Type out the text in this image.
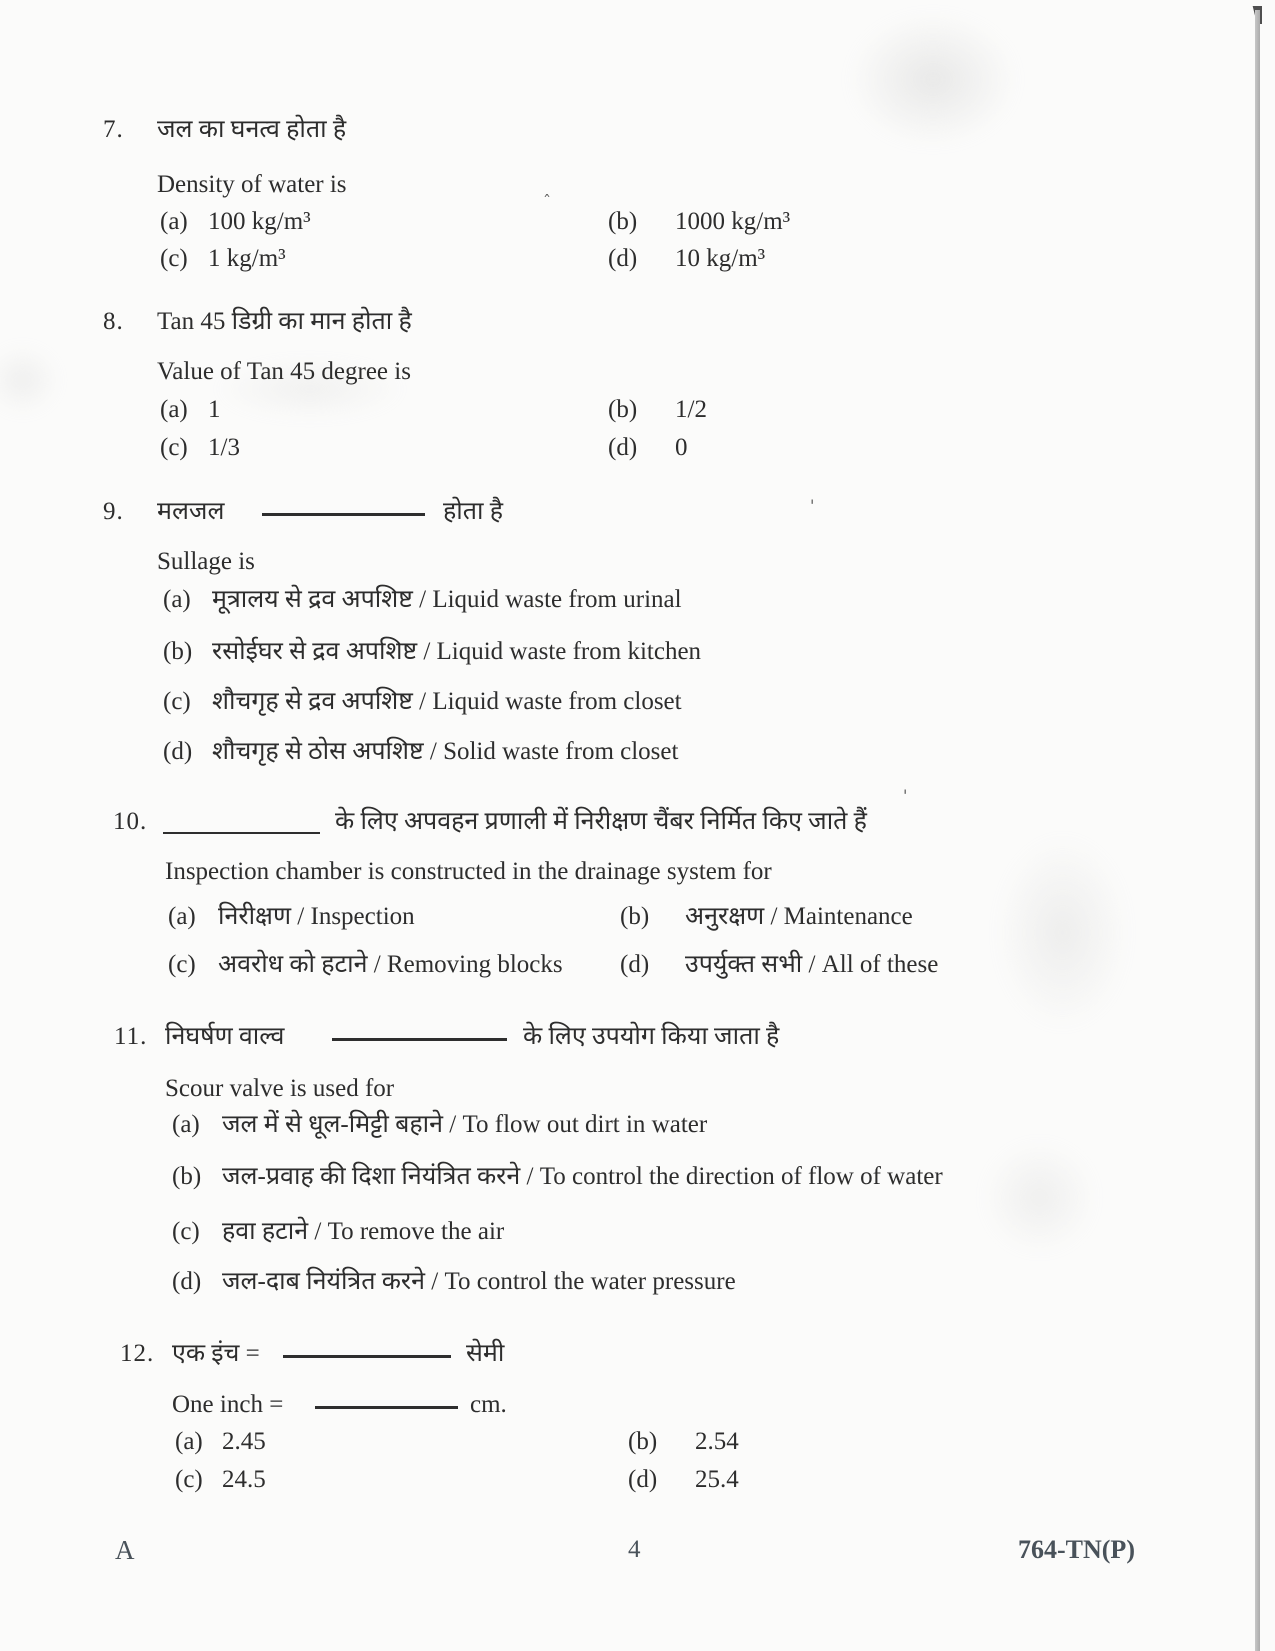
ˆ
'
'
7. जल का घनत्व होता है
Density of water is
(a) 100 kg/m³	(b) 1000 kg/m³
(c) 1 kg/m³	(d) 10 kg/m³
8. Tan 45 डिग्री का मान होता है
Value of Tan 45 degree is
(a) 1	(b) 1/2
(c) 1/3	(d) 0
9. मलजल	होता है
Sullage is
(a) मूत्रालय से द्रव अपशिष्ट / Liquid waste from urinal
(b) रसोईघर से द्रव अपशिष्ट / Liquid waste from kitchen
(c) शौचगृह से द्रव अपशिष्ट / Liquid waste from closet
(d) शौचगृह से ठोस अपशिष्ट / Solid waste from closet
10.	के लिए अपवहन प्रणाली में निरीक्षण चैंबर निर्मित किए जाते हैं
Inspection chamber is constructed in the drainage system for
(a) निरीक्षण / Inspection	(b) अनुरक्षण / Maintenance
(c) अवरोध को हटाने / Removing blocks (d) उपर्युक्त सभी / All of these
11. निघर्षण वाल्व	के लिए उपयोग किया जाता है
Scour valve is used for
(a) जल में से धूल-मिट्टी बहाने / To flow out dirt in water
(b) जल-प्रवाह की दिशा नियंत्रित करने / To control the direction of flow of water
(c) हवा हटाने / To remove the air
(d) जल-दाब नियंत्रित करने / To control the water pressure
12. एक इंच =	सेमी
One inch =	cm.
(a) 2.45	(b) 2.54
(c) 24.5	(d) 25.4
A	4	764-TN(P)
